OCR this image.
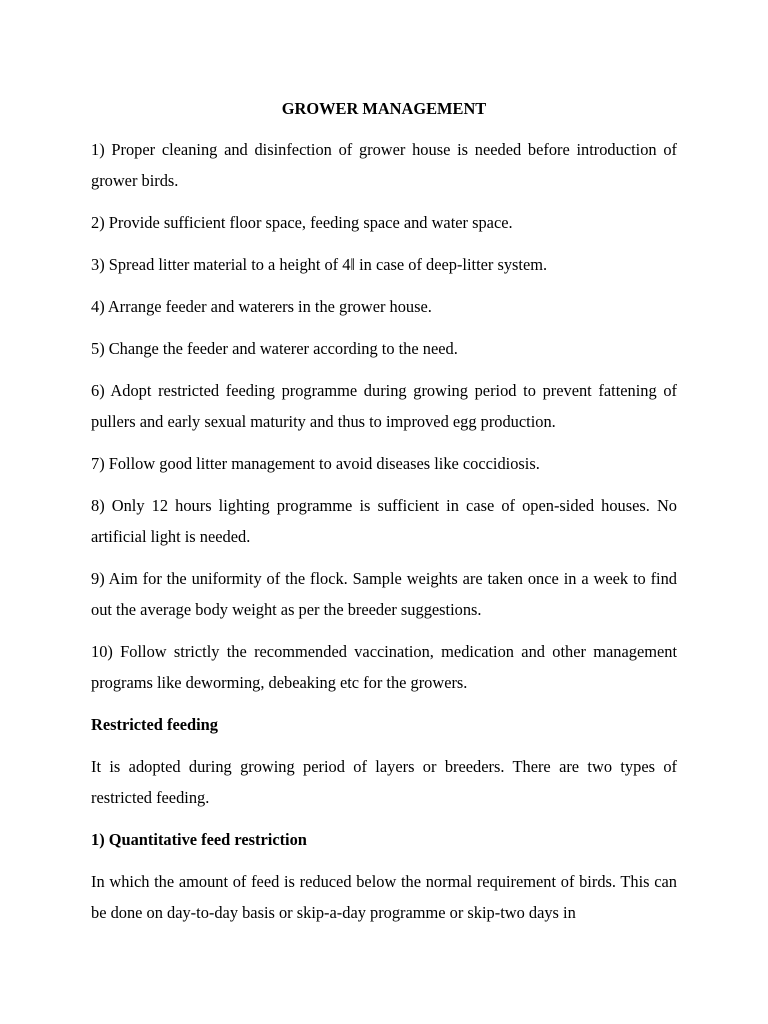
GROWER MANAGEMENT
1) Proper cleaning and disinfection of grower house is needed before introduction of grower birds.
2) Provide sufficient floor space, feeding space and water space.
3) Spread litter material to a height of 4‖ in case of deep-litter system.
4) Arrange feeder and waterers in the grower house.
5) Change the feeder and waterer according to the need.
6) Adopt restricted feeding programme during growing period to prevent fattening of pullers and early sexual maturity and thus to improved egg production.
7) Follow good litter management to avoid diseases like coccidiosis.
8) Only 12 hours lighting programme is sufficient in case of open-sided houses. No artificial light is needed.
9) Aim for the uniformity of the flock. Sample weights are taken once in a week to find out the average body weight as per the breeder suggestions.
10) Follow strictly the recommended vaccination, medication and other management programs like deworming, debeaking etc for the growers.
Restricted feeding
It is adopted during growing period of layers or breeders. There are two types of restricted feeding.
1) Quantitative feed restriction
In which the amount of feed is reduced below the normal requirement of birds. This can be done on day-to-day basis or skip-a-day programme or skip-two days in
